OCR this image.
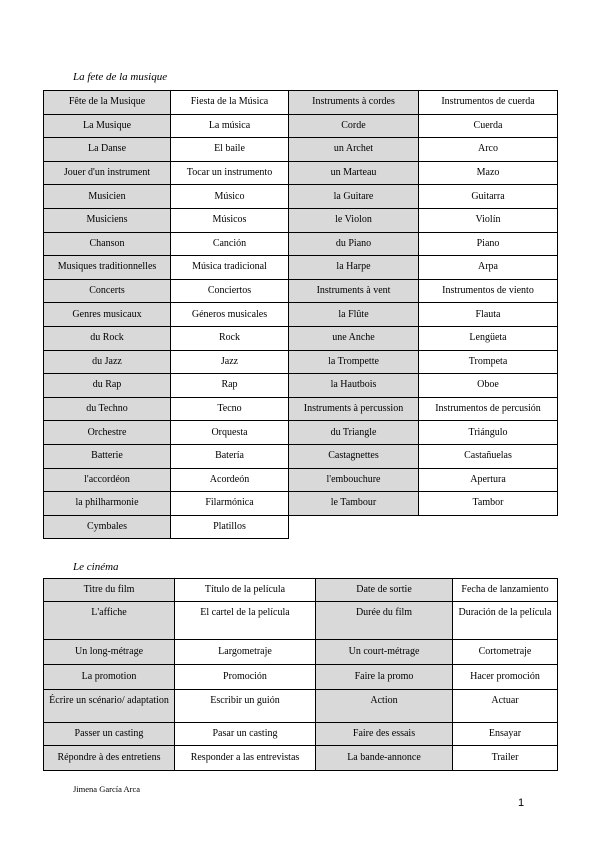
La fete de la musique
Fête de la Musique	Fiesta de la Música	Instruments à cordes	Instrumentos de cuerda
La Musique	La música	Corde	Cuerda
La Danse	El baile	un Archet	Arco
Jouer d'un instrument	Tocar un instrumento	un Marteau	Mazo
Musicien	Músico	la Guitare	Guitarra
Musiciens	Músicos	le Violon	Violín
Chanson	Canción	du Piano	Piano
Musiques traditionnelles	Música tradicional	la Harpe	Arpa
Concerts	Conciertos	Instruments à vent	Instrumentos de viento
Genres musicaux	Géneros musicales	la Flûte	Flauta
du Rock	Rock	une Anche	Lengüeta
du Jazz	Jazz	la Trompette	Trompeta
du Rap	Rap	la Hautbois	Oboe
du Techno	Tecno	Instruments à percussion	Instrumentos de percusión
Orchestre	Orquesta	du Triangle	Triángulo
Batterie	Batería	Castagnettes	Castañuelas
l'accordéon	Acordeón	l'embouchure	Apertura
la philharmonie	Filarmónica	le Tambour	Tambor
Cymbales	Platillos		
Le cinéma
Titre du film	Título de la película	Date de sortie	Fecha de lanzamiento
L'affiche	El cartel de la película	Durée du film	Duración de la película
Un long-métrage	Largometraje	Un court-métrage	Cortometraje
La promotion	Promoción	Faire la promo	Hacer promoción
Écrire un scénario/ adaptation	Escribir un guión	Action	Actuar
Passer un casting	Pasar un casting	Faire des essais	Ensayar
Répondre à des entretiens	Responder a las entrevistas	La bande-annonce	Trailer
Jimena García Arca
1
